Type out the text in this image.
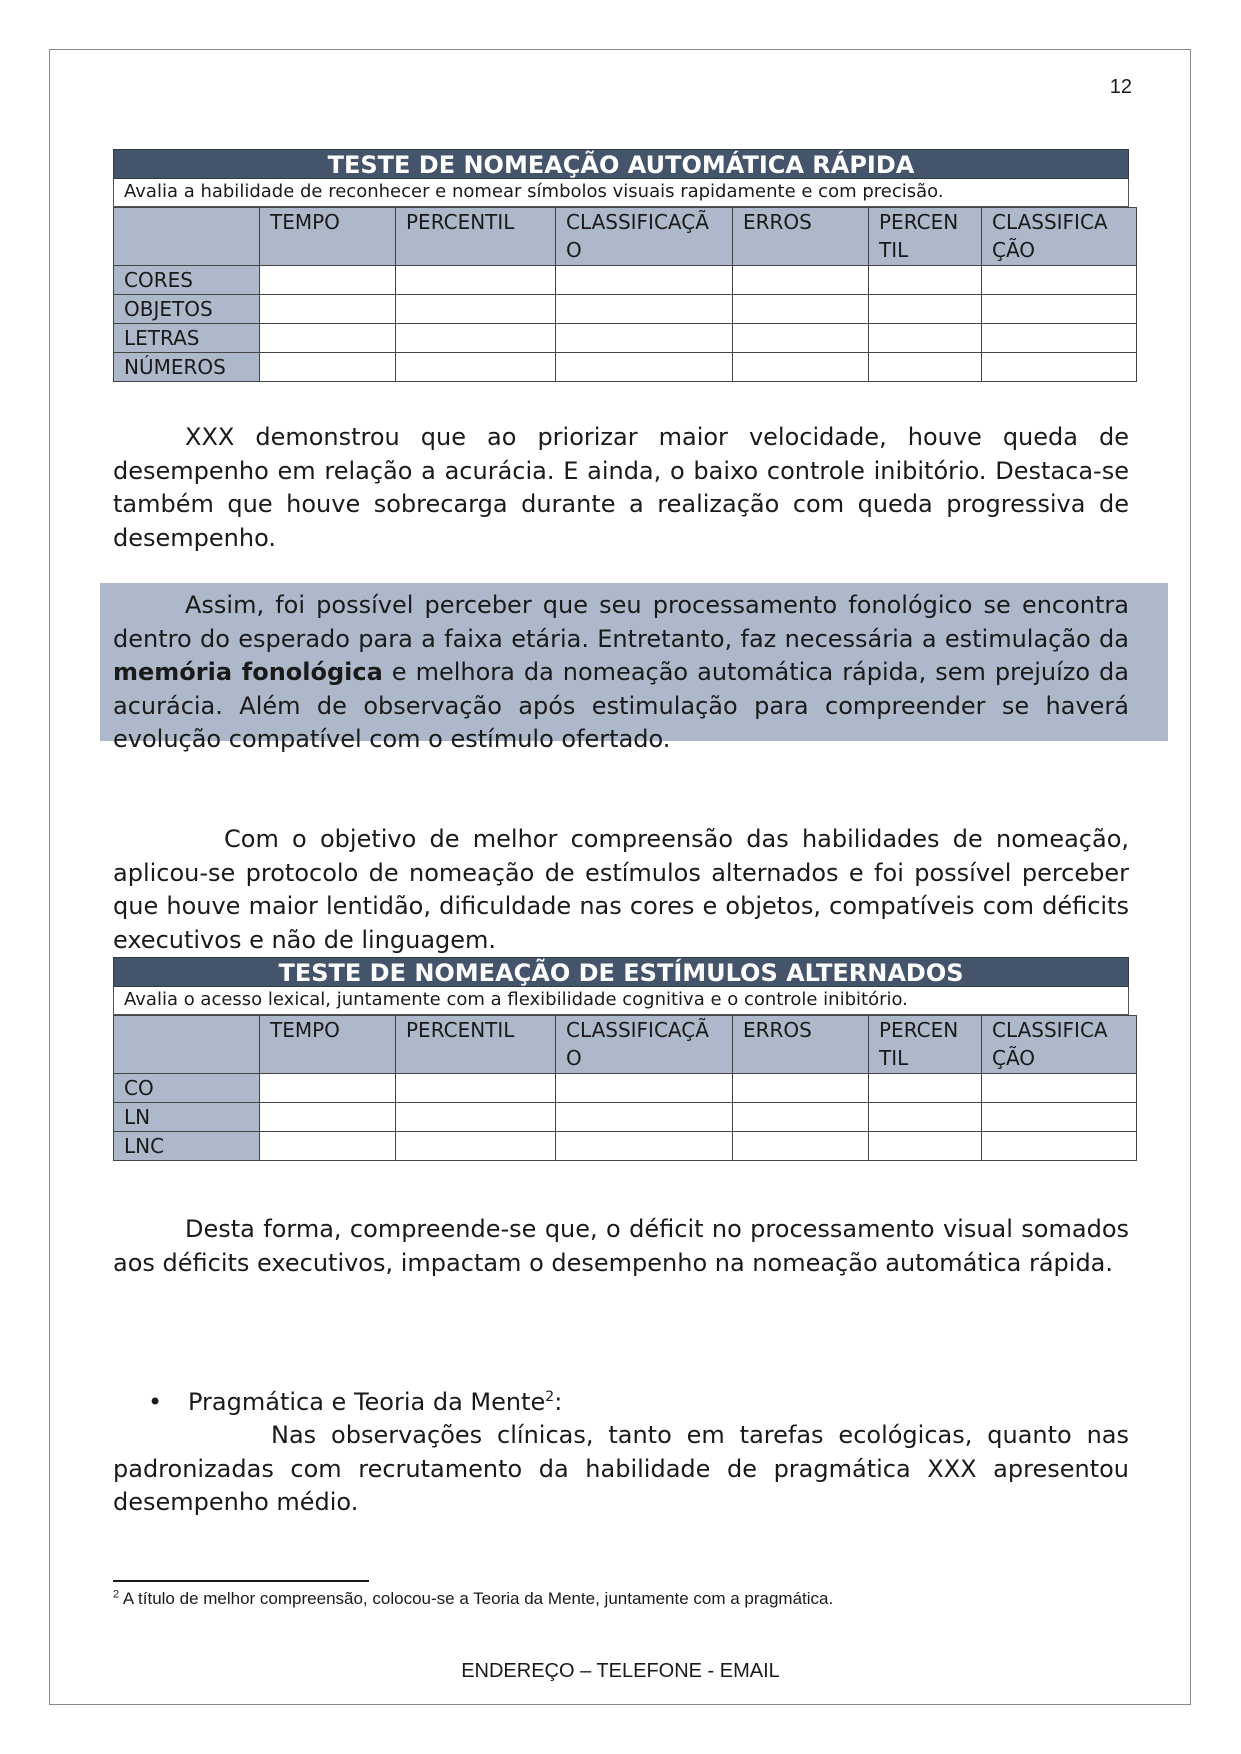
12
TESTE DE NOMEAÇÃO AUTOMÁTICA RÁPIDA
Avalia a habilidade de reconhecer e nomear símbolos visuais rapidamente e com precisão.
	TEMPO	PERCENTIL	CLASSIFICAÇÃ O	ERROS	PERCEN TIL	CLASSIFICA ÇÃO
CORES						
OBJETOS						
LETRAS						
NÚMEROS						
XXX demonstrou que ao priorizar maior velocidade, houve queda de desempenho em relação a acurácia. E ainda, o baixo controle inibitório. Destaca-se também que houve sobrecarga durante a realização com queda progressiva de desempenho.
Assim, foi possível perceber que seu processamento fonológico se encontra dentro do esperado para a faixa etária. Entretanto, faz necessária a estimulação da memória fonológica e melhora da nomeação automática rápida, sem prejuízo da acurácia. Além de observação após estimulação para compreender se haverá evolução compatível com o estímulo ofertado.
Com o objetivo de melhor compreensão das habilidades de nomeação, aplicou-se protocolo de nomeação de estímulos alternados e foi possível perceber que houve maior lentidão, dificuldade nas cores e objetos, compatíveis com déficits executivos e não de linguagem.
TESTE DE NOMEAÇÃO DE ESTÍMULOS ALTERNADOS
Avalia o acesso lexical, juntamente com a flexibilidade cognitiva e o controle inibitório.
	TEMPO	PERCENTIL	CLASSIFICAÇÃ O	ERROS	PERCEN TIL	CLASSIFICA ÇÃO
CO						
LN						
LNC						
Desta forma, compreende-se que, o déficit no processamento visual somados aos déficits executivos, impactam o desempenho na nomeação automática rápida.
• Pragmática e Teoria da Mente$^2$:
Nas observações clínicas, tanto em tarefas ecológicas, quanto nas padronizadas com recrutamento da habilidade de pragmática XXX apresentou desempenho médio.
$^2$ A título de melhor compreensão, colocou-se a Teoria da Mente, juntamente com a pragmática.
ENDEREÇO – TELEFONE - EMAIL
